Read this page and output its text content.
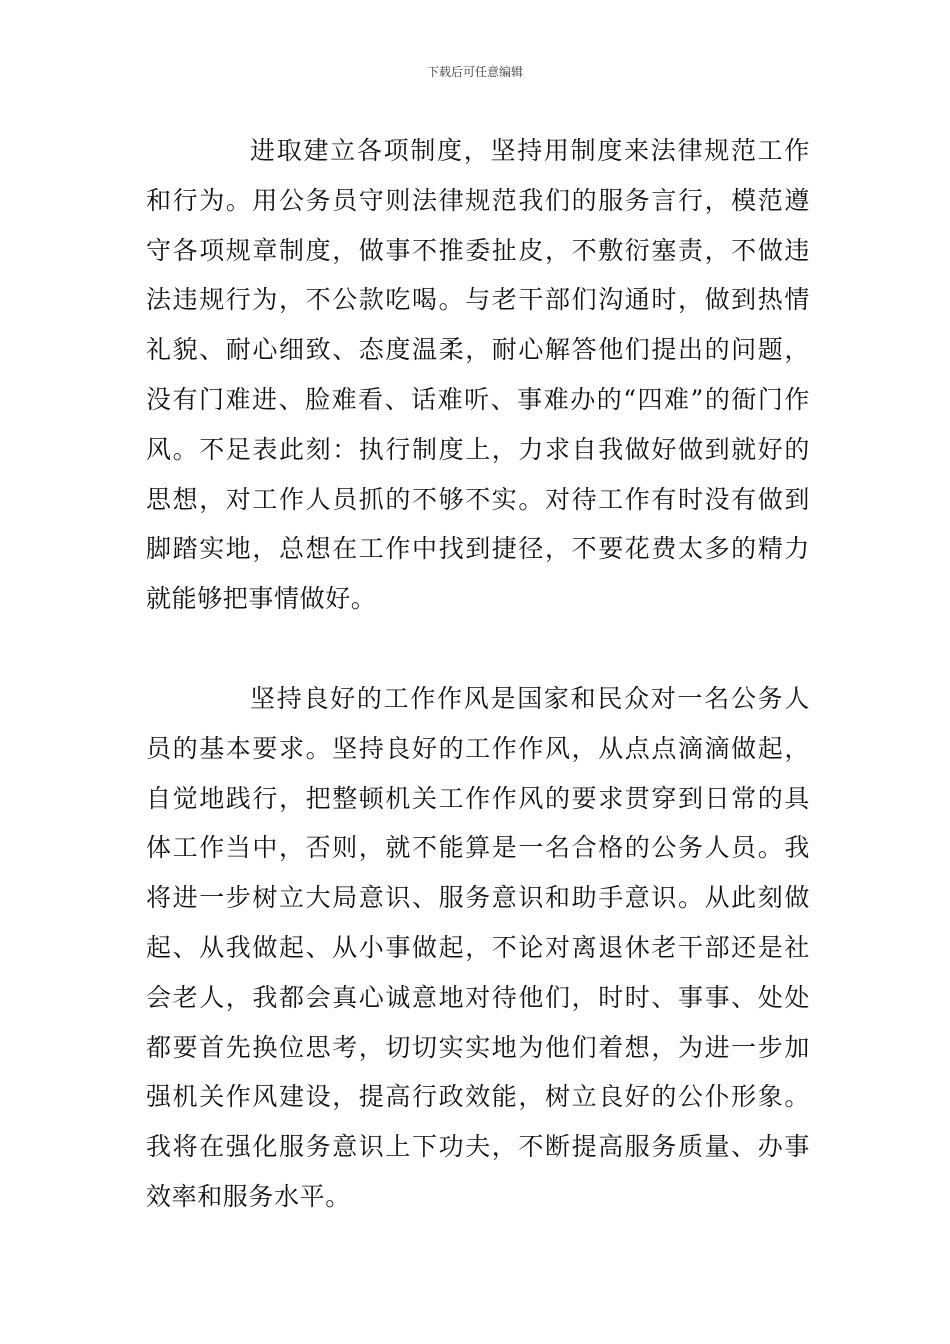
下载后可任意编辑

进取建立各项制度，坚持用制度来法律规范工作和行为。用公务员守则法律规范我们的服务言行，模范遵守各项规章制度，做事不推委扯皮，不敷衍塞责，不做违法违规行为，不公款吃喝。与老干部们沟通时，做到热情礼貌、耐心细致、态度温柔，耐心解答他们提出的问题，没有门难进、脸难看、话难听、事难办的“四难”的衙门作风。不足表此刻：执行制度上，力求自我做好做到就好的思想，对工作人员抓的不够不实。对待工作有时没有做到脚踏实地，总想在工作中找到捷径，不要花费太多的精力就能够把事情做好。

坚持良好的工作作风是国家和民众对一名公务人员的基本要求。坚持良好的工作作风，从点点滴滴做起，自觉地践行，把整顿机关工作作风的要求贯穿到日常的具体工作当中，否则，就不能算是一名合格的公务人员。我将进一步树立大局意识、服务意识和助手意识。从此刻做起、从我做起、从小事做起，不论对离退休老干部还是社会老人，我都会真心诚意地对待他们，时时、事事、处处都要首先换位思考，切切实实地为他们着想，为进一步加强机关作风建设，提高行政效能，树立良好的公仆形象。我将在强化服务意识上下功夫，不断提高服务质量、办事效率和服务水平。
